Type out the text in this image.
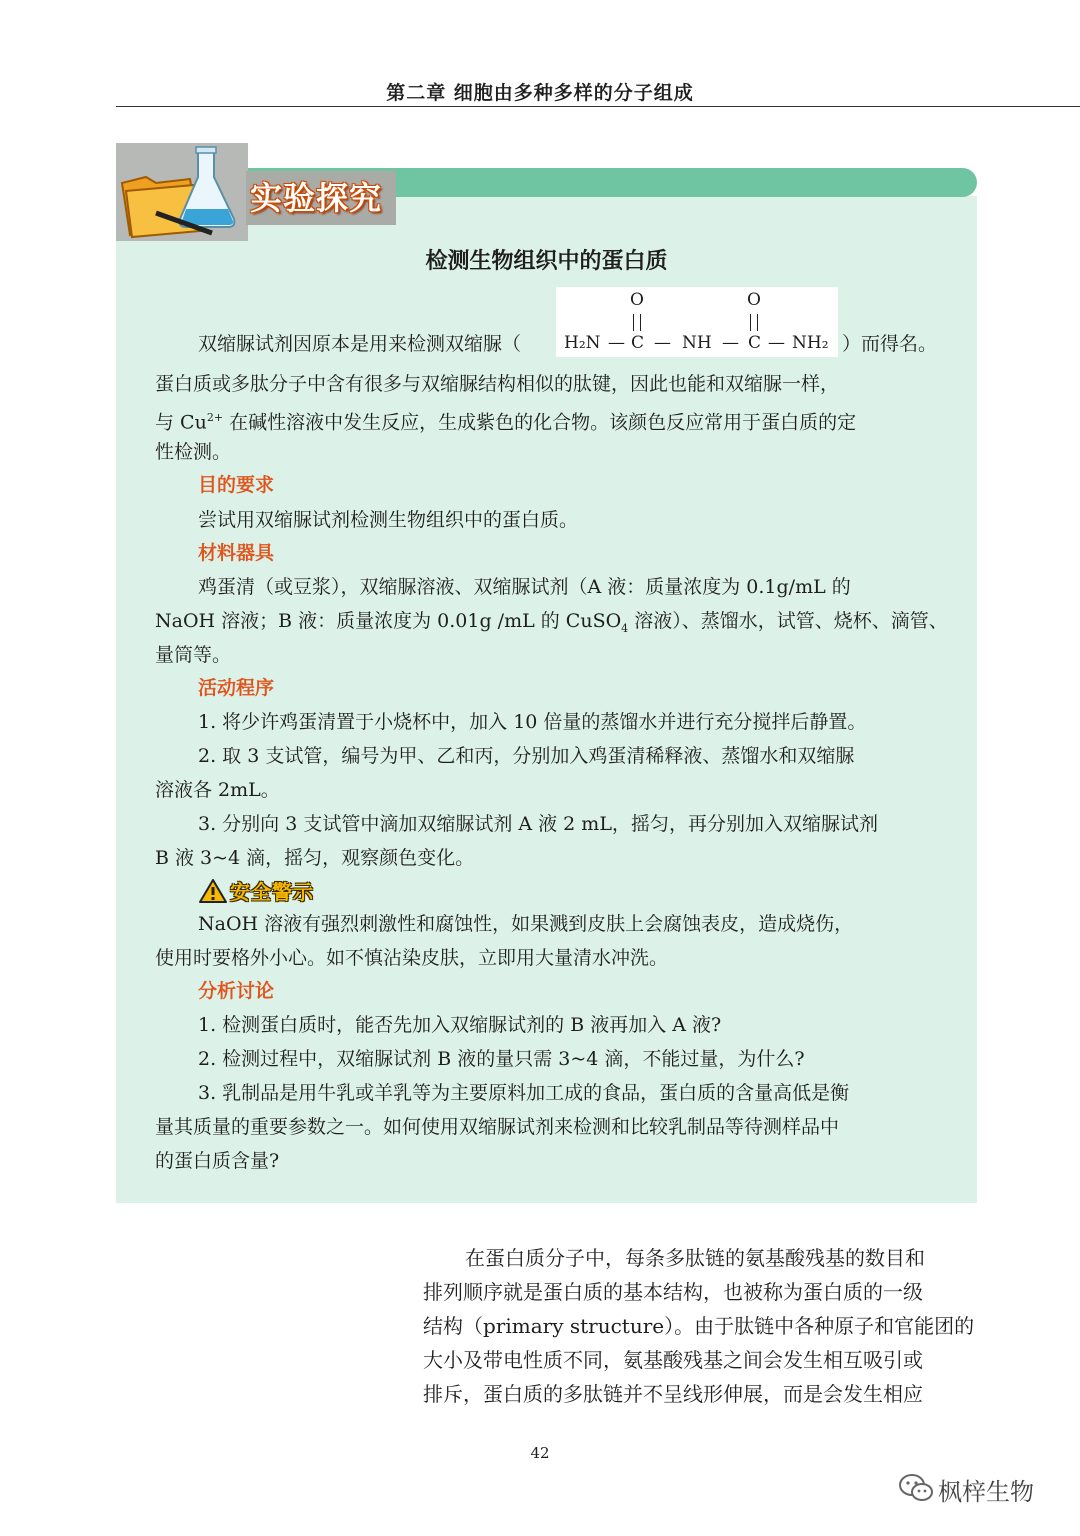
第二章 细胞由多种多样的分子组成
实验探究
检测生物组织中的蛋白质
O	O
H₂N — C — NH — C — NH₂
双缩脲试剂因原本是用来检测双缩脲（	）而得名。
蛋白质或多肽分子中含有很多与双缩脲结构相似的肽键，因此也能和双缩脲一样，
与 $Cu^{2+}$ 在碱性溶液中发生反应，生成紫色的化合物。该颜色反应常用于蛋白质的定
性检测。
目的要求
尝试用双缩脲试剂检测生物组织中的蛋白质。
材料器具
鸡蛋清（或豆浆），双缩脲溶液、双缩脲试剂（A 液：质量浓度为 0.1g/mL 的
NaOH 溶液；B 液：质量浓度为 0.01g /mL 的 CuSO$_4$ 溶液）、蒸馏水，试管、烧杯、滴管、
量筒等。
活动程序
1. 将少许鸡蛋清置于小烧杯中，加入 10 倍量的蒸馏水并进行充分搅拌后静置。
2. 取 3 支试管，编号为甲、乙和丙，分别加入鸡蛋清稀释液、蒸馏水和双缩脲
溶液各 2mL。
3. 分别向 3 支试管中滴加双缩脲试剂 A 液 2 mL，摇匀，再分别加入双缩脲试剂
B 液 3~4 滴，摇匀，观察颜色变化。
安全警示
NaOH 溶液有强烈刺激性和腐蚀性，如果溅到皮肤上会腐蚀表皮，造成烧伤，
使用时要格外小心。如不慎沾染皮肤，立即用大量清水冲洗。
分析讨论
1. 检测蛋白质时，能否先加入双缩脲试剂的 B 液再加入 A 液?
2. 检测过程中，双缩脲试剂 B 液的量只需 3~4 滴，不能过量，为什么?
3. 乳制品是用牛乳或羊乳等为主要原料加工成的食品，蛋白质的含量高低是衡
量其质量的重要参数之一。如何使用双缩脲试剂来检测和比较乳制品等待测样品中
的蛋白质含量?
在蛋白质分子中，每条多肽链的氨基酸残基的数目和
排列顺序就是蛋白质的基本结构，也被称为蛋白质的一级
结构（primary structure）。由于肽链中各种原子和官能团的
大小及带电性质不同，氨基酸残基之间会发生相互吸引或
排斥，蛋白质的多肽链并不呈线形伸展，而是会发生相应
42
枫梓生物
